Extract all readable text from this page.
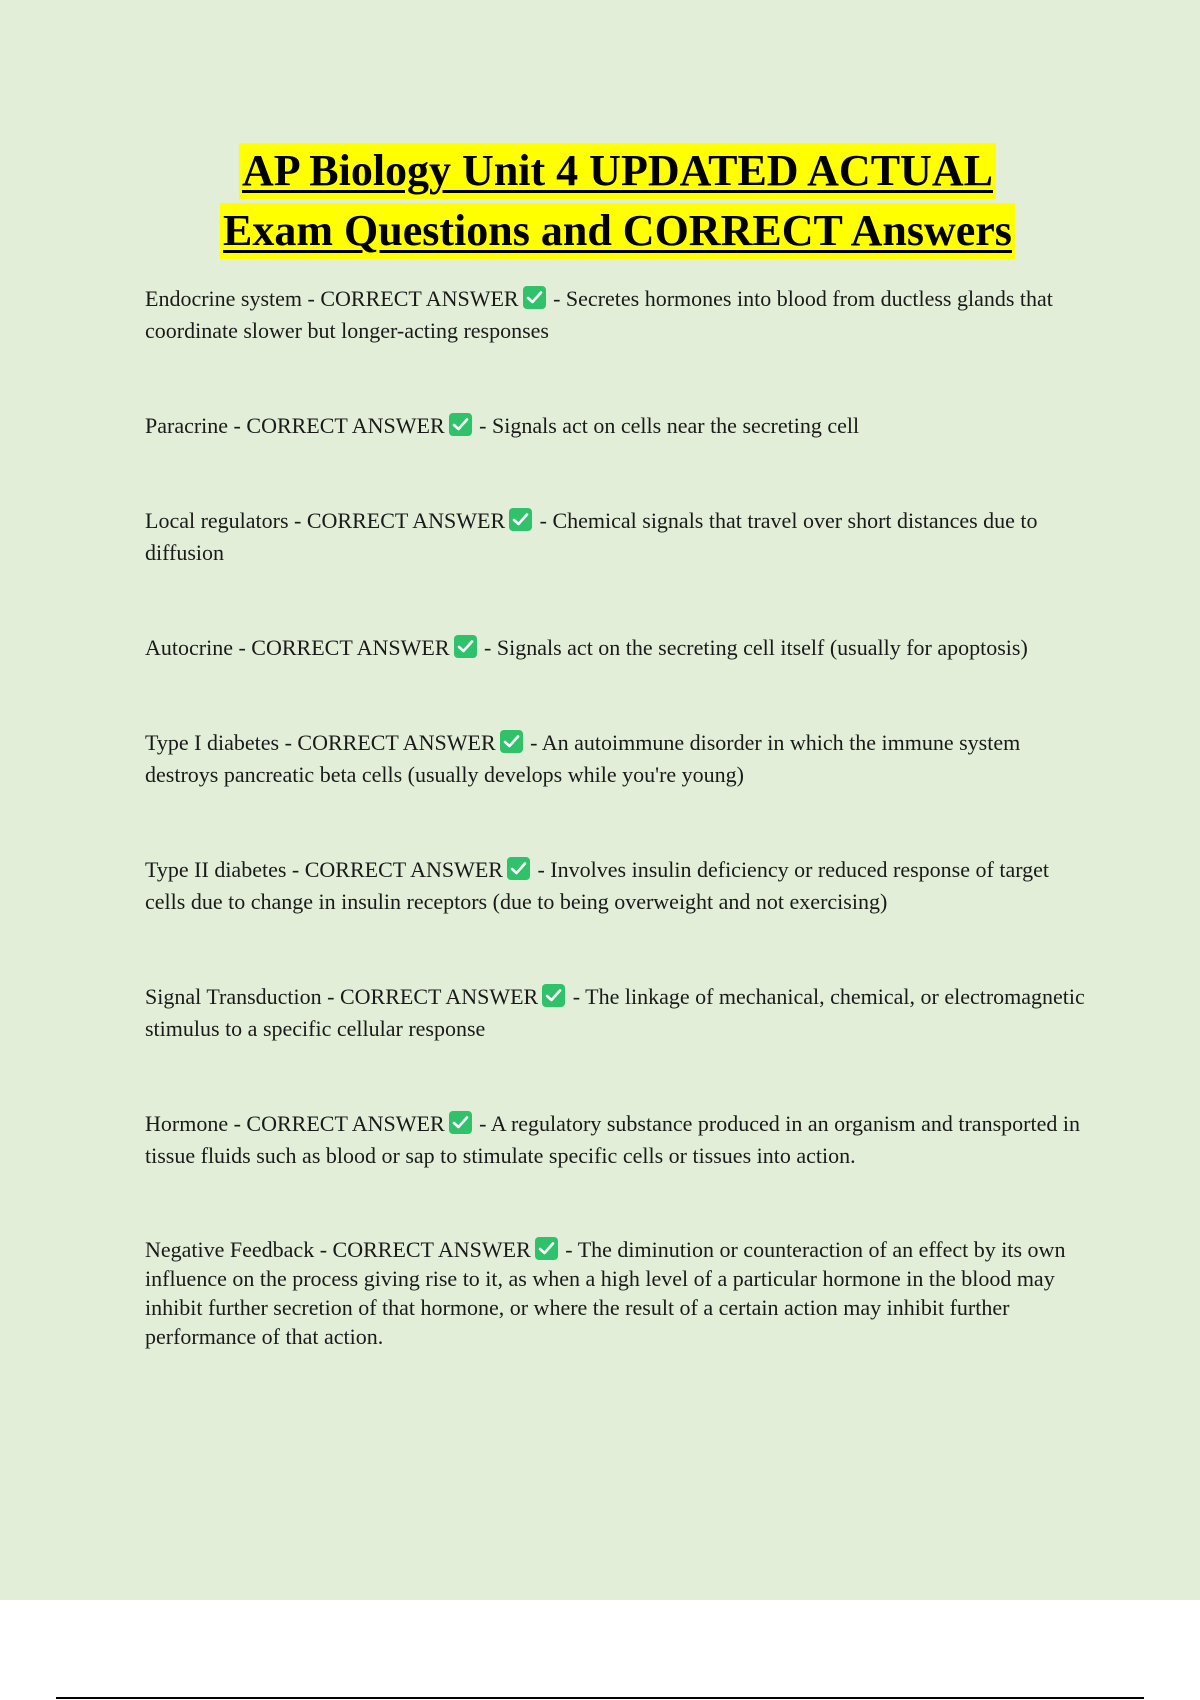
AP Biology Unit 4 UPDATED ACTUAL
Exam Questions and CORRECT Answers

Endocrine system - CORRECT ANSWER
- Secretes hormones into blood from ductless glands that coordinate slower but longer-acting responses

Paracrine - CORRECT ANSWER
- Signals act on cells near the secreting cell

Local regulators - CORRECT ANSWER
- Chemical signals that travel over short distances due to diffusion

Autocrine - CORRECT ANSWER
- Signals act on the secreting cell itself (usually for apoptosis)

Type I diabetes - CORRECT ANSWER
- An autoimmune disorder in which the immune system destroys pancreatic beta cells (usually develops while you're young)

Type II diabetes - CORRECT ANSWER
- Involves insulin deficiency or reduced response of target cells due to change in insulin receptors (due to being overweight and not exercising)

Signal Transduction - CORRECT ANSWER
- The linkage of mechanical, chemical, or electromagnetic stimulus to a specific cellular response

Hormone - CORRECT ANSWER
- A regulatory substance produced in an organism and transported in tissue fluids such as blood or sap to stimulate specific cells or tissues into action.

Negative Feedback - CORRECT ANSWER
- The diminution or counteraction of an effect by its own influence on the process giving rise to it, as when a high level of a particular hormone in the blood may inhibit further secretion of that hormone, or where the result of a certain action may inhibit further performance of that action.
